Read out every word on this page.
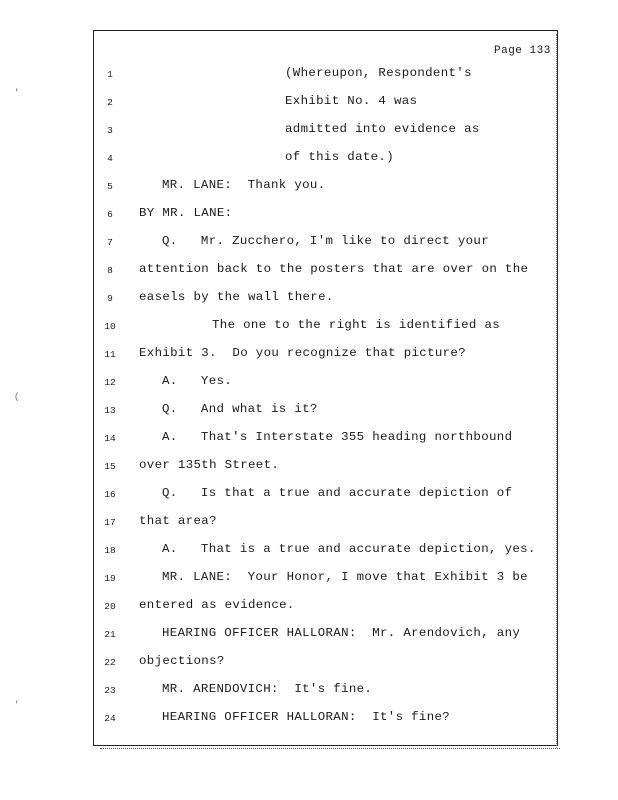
'
(
'
Page 133
1	(Whereupon, Respondent's
2	Exhibit No. 4 was
3	admitted into evidence as
4	of this date.)
5	MR. LANE:  Thank you.
6	BY MR. LANE:
7	Q.   Mr. Zucchero, I'm like to direct your
8	attention back to the posters that are over on the
9	easels by the wall there.
10	The one to the right is identified as
11	Exhibit 3.  Do you recognize that picture?
12	A.   Yes.
13	Q.   And what is it?
14	A.   That's Interstate 355 heading northbound
15	over 135th Street.
16	Q.   Is that a true and accurate depiction of
17	that area?
18	A.   That is a true and accurate depiction, yes.
19	MR. LANE:  Your Honor, I move that Exhibit 3 be
20	entered as evidence.
21	HEARING OFFICER HALLORAN:  Mr. Arendovich, any
22	objections?
23	MR. ARENDOVICH:  It's fine.
24	HEARING OFFICER HALLORAN:  It's fine?
